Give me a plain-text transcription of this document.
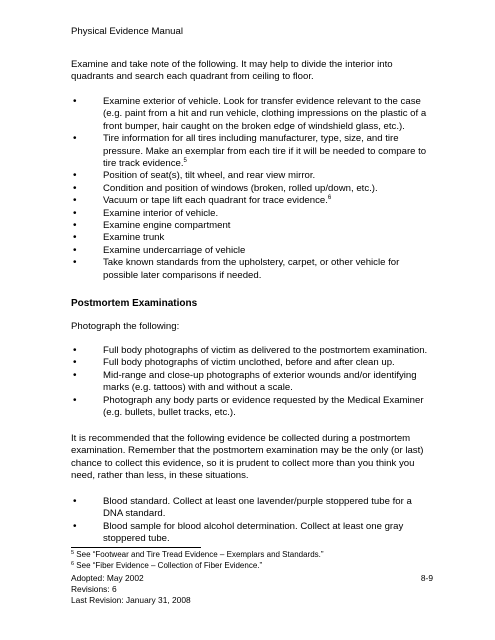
Physical Evidence Manual

Examine and take note of the following. It may help to divide the interior into quadrants and search each quadrant from ceiling to floor.

•	Examine exterior of vehicle. Look for transfer evidence relevant to the case (e.g. paint from a hit and run vehicle, clothing impressions on the plastic of a front bumper, hair caught on the broken edge of windshield glass, etc.).
•	Tire information for all tires including manufacturer, type, size, and tire pressure. Make an exemplar from each tire if it will be needed to compare to tire track evidence.$^5$
•	Position of seat(s), tilt wheel, and rear view mirror.
•	Condition and position of windows (broken, rolled up/down, etc.).
•	Vacuum or tape lift each quadrant for trace evidence.$^6$
•	Examine interior of vehicle.
•	Examine engine compartment
•	Examine trunk
•	Examine undercarriage of vehicle
•	Take known standards from the upholstery, carpet, or other vehicle for possible later comparisons if needed.
Postmortem Examinations

Photograph the following:

•	Full body photographs of victim as delivered to the postmortem examination.
•	Full body photographs of victim unclothed, before and after clean up.
•	Mid-range and close-up photographs of exterior wounds and/or identifying marks (e.g. tattoos) with and without a scale.
•	Photograph any body parts or evidence requested by the Medical Examiner (e.g. bullets, bullet tracks, etc.).

It is recommended that the following evidence be collected during a postmortem examination. Remember that the postmortem examination may be the only (or last) chance to collect this evidence, so it is prudent to collect more than you think you need, rather than less, in these situations.

•	Blood standard. Collect at least one lavender/purple stoppered tube for a DNA standard.
•	Blood sample for blood alcohol determination. Collect at least one gray stoppered tube.
$^5$ See “Footwear and Tire Tread Evidence – Exemplars and Standards.”
$^6$ See “Fiber Evidence – Collection of Fiber Evidence.”
Adopted: May 2002	8-9
Revisions: 6
Last Revision: January 31, 2008
